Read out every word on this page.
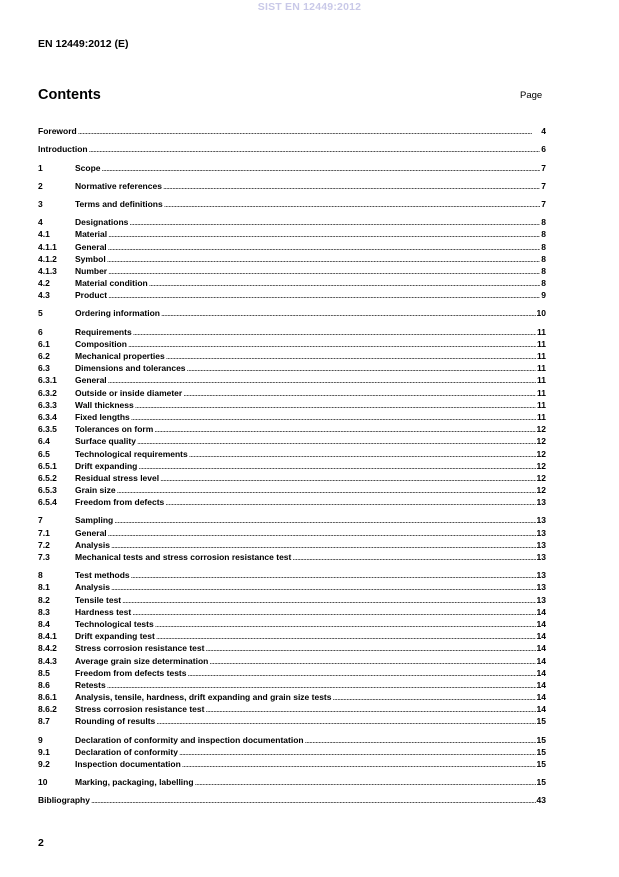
SIST EN 12449:2012
EN 12449:2012 (E)
Contents	Page
Foreword . . .	4
Introduction . . .	6
1	Scope . . .	7
2	Normative references . . .	7
3	Terms and definitions . . .	7
4	Designations . . .	8
4.1	Material . . .	8
4.1.1	General . . .	8
4.1.2	Symbol . . .	8
4.1.3	Number . . .	8
4.2	Material condition . . .	8
4.3	Product . . .	9
5	Ordering information . . .	10
6	Requirements . . .	11
6.1	Composition . . .	11
6.2	Mechanical properties . . .	11
6.3	Dimensions and tolerances . . .	11
6.3.1	General . . .	11
6.3.2	Outside or inside diameter . . .	11
6.3.3	Wall thickness . . .	11
6.3.4	Fixed lengths . . .	11
6.3.5	Tolerances on form . . .	12
6.4	Surface quality . . .	12
6.5	Technological requirements . . .	12
6.5.1	Drift expanding . . .	12
6.5.2	Residual stress level . . .	12
6.5.3	Grain size . . .	12
6.5.4	Freedom from defects . . .	13
7	Sampling . . .	13
7.1	General . . .	13
7.2	Analysis . . .	13
7.3	Mechanical tests and stress corrosion resistance test . . .	13
8	Test methods . . .	13
8.1	Analysis . . .	13
8.2	Tensile test . . .	13
8.3	Hardness test . . .	14
8.4	Technological tests . . .	14
8.4.1	Drift expanding test . . .	14
8.4.2	Stress corrosion resistance test . . .	14
8.4.3	Average grain size determination . . .	14
8.5	Freedom from defects tests . . .	14
8.6	Retests . . .	14
8.6.1	Analysis, tensile, hardness, drift expanding and grain size tests . . .	14
8.6.2	Stress corrosion resistance test . . .	14
8.7	Rounding of results . . .	15
9	Declaration of conformity and inspection documentation . . .	15
9.1	Declaration of conformity . . .	15
9.2	Inspection documentation . . .	15
10	Marking, packaging, labelling . . .	15
Bibliography . . .	43
2
